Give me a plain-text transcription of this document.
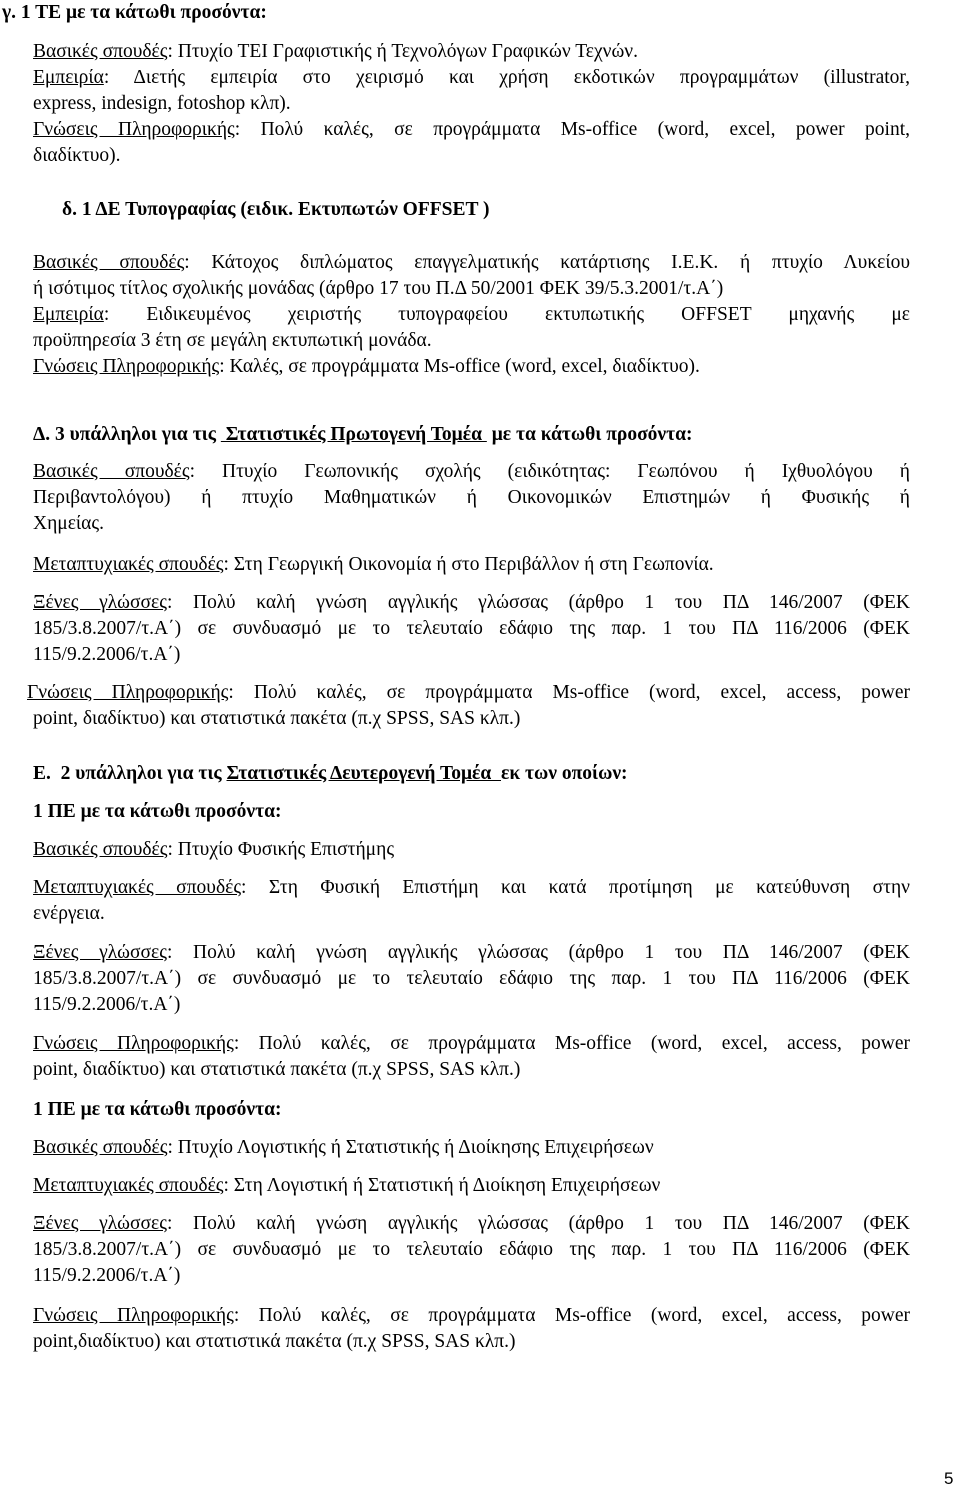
γ. 1 ΤΕ με τα κάτωθι προσόντα:
Βασικές σπουδές: Πτυχίο ΤΕΙ Γραφιστικής ή Τεχνολόγων Γραφικών Τεχνών.
Εμπειρία: Διετής εμπειρία στο χειρισμό και χρήση εκδοτικών προγραμμάτων (illustrator,
express, indesign, fotoshop κλπ).
Γνώσεις Πληροφορικής: Πολύ καλές, σε προγράμματα Ms-office (word, excel, power point,
διαδίκτυο).
δ. 1 ΔΕ Τυπογραφίας (ειδικ. Εκτυπωτών OFFSET )
Βασικές σπουδές: Κάτοχος διπλώματος επαγγελματικής κατάρτισης Ι.Ε.Κ. ή πτυχίο Λυκείου
ή ισότιμος τίτλος σχολικής μονάδας (άρθρο 17 του Π.Δ 50/2001 ΦΕΚ 39/5.3.2001/τ.Α΄)
Εμπειρία: Ειδικευμένος χειριστής τυπογραφείου εκτυπωτικής OFFSET μηχανής με
προϋπηρεσία 3 έτη σε μεγάλη εκτυπωτική μονάδα.
Γνώσεις Πληροφορικής: Καλές, σε προγράμματα Ms-office (word, excel, διαδίκτυο).
Δ. 3 υπάλληλοι για τις  Στατιστικές Πρωτογενή Τομέα  με τα κάτωθι προσόντα:
Βασικές σπουδές: Πτυχίο Γεωπονικής σχολής (ειδικότητας: Γεωπόνου ή Ιχθυολόγου ή
Περιβαντολόγου) ή πτυχίο Μαθηματικών ή Οικονομικών Επιστημών ή Φυσικής ή
Χημείας.
Μεταπτυχιακές σπουδές: Στη Γεωργική Οικονομία ή στο Περιβάλλον ή στη Γεωπονία.
Ξένες γλώσσες: Πολύ καλή γνώση αγγλικής γλώσσας (άρθρο 1 του ΠΔ 146/2007 (ΦΕΚ
185/3.8.2007/τ.Α΄) σε συνδυασμό με το τελευταίο εδάφιο της παρ. 1 του ΠΔ 116/2006 (ΦΕΚ
115/9.2.2006/τ.Α΄)
Γνώσεις Πληροφορικής: Πολύ καλές, σε προγράμματα Ms-office (word, excel, access, power
point, διαδίκτυο) και στατιστικά πακέτα (π.χ SPSS, SAS κλπ.)
Ε.  2 υπάλληλοι για τις Στατιστικές Δευτερογενή Τομέα  εκ των οποίων:
1 ΠΕ με τα κάτωθι προσόντα:
Βασικές σπουδές: Πτυχίο Φυσικής Επιστήμης
Μεταπτυχιακές σπουδές: Στη Φυσική Επιστήμη και κατά προτίμηση με κατεύθυνση στην
ενέργεια.
Ξένες γλώσσες: Πολύ καλή γνώση αγγλικής γλώσσας (άρθρο 1 του ΠΔ 146/2007 (ΦΕΚ
185/3.8.2007/τ.Α΄) σε συνδυασμό με το τελευταίο εδάφιο της παρ. 1 του ΠΔ 116/2006 (ΦΕΚ
115/9.2.2006/τ.Α΄)
Γνώσεις Πληροφορικής: Πολύ καλές, σε προγράμματα Ms-office (word, excel, access, power
point, διαδίκτυο) και στατιστικά πακέτα (π.χ SPSS, SAS κλπ.)
1 ΠΕ με τα κάτωθι προσόντα:
Βασικές σπουδές: Πτυχίο Λογιστικής ή Στατιστικής ή Διοίκησης Επιχειρήσεων
Μεταπτυχιακές σπουδές: Στη Λογιστική ή Στατιστική ή Διοίκηση Επιχειρήσεων
Ξένες γλώσσες: Πολύ καλή γνώση αγγλικής γλώσσας (άρθρο 1 του ΠΔ 146/2007 (ΦΕΚ
185/3.8.2007/τ.Α΄) σε συνδυασμό με το τελευταίο εδάφιο της παρ. 1 του ΠΔ 116/2006 (ΦΕΚ
115/9.2.2006/τ.Α΄)
Γνώσεις Πληροφορικής: Πολύ καλές, σε προγράμματα Ms-office (word, excel, access, power
point,διαδίκτυο) και στατιστικά πακέτα (π.χ SPSS, SAS κλπ.)
5
